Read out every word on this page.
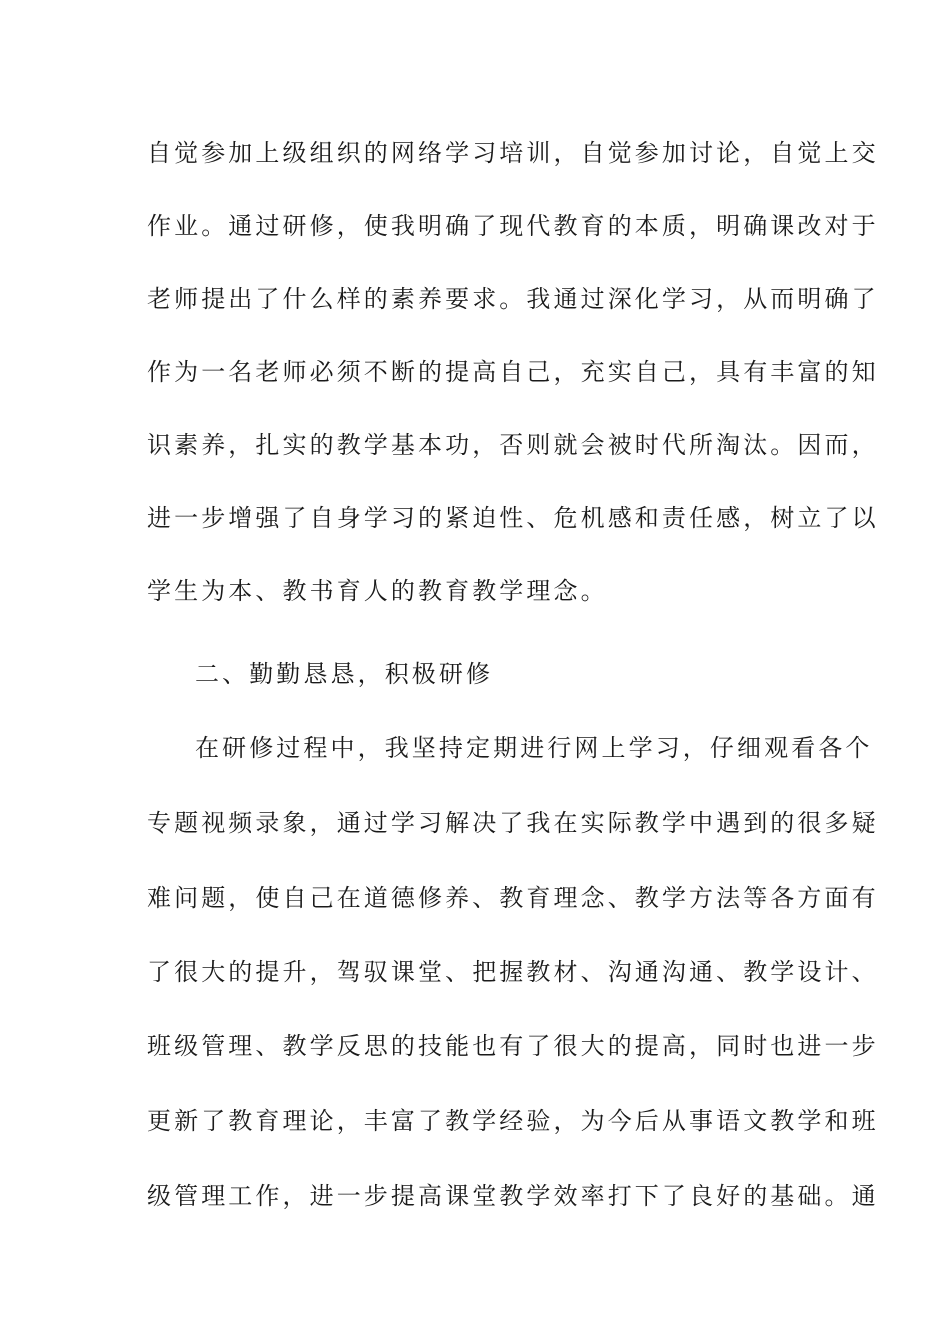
自觉参加上级组织的网络学习培训，自觉参加讨论，自觉上交
作业。通过研修，使我明确了现代教育的本质，明确课改对于
老师提出了什么样的素养要求。我通过深化学习，从而明确了
作为一名老师必须不断的提高自己，充实自己，具有丰富的知
识素养，扎实的教学基本功，否则就会被时代所淘汰。因而，
进一步增强了自身学习的紧迫性、危机感和责任感，树立了以
学生为本、教书育人的教育教学理念。
二、勤勤恳恳，积极研修
在研修过程中，我坚持定期进行网上学习，仔细观看各个
专题视频录象，通过学习解决了我在实际教学中遇到的很多疑
难问题，使自己在道德修养、教育理念、教学方法等各方面有
了很大的提升，驾驭课堂、把握教材、沟通沟通、教学设计、
班级管理、教学反思的技能也有了很大的提高，同时也进一步
更新了教育理论，丰富了教学经验，为今后从事语文教学和班
级管理工作，进一步提高课堂教学效率打下了良好的基础。通
